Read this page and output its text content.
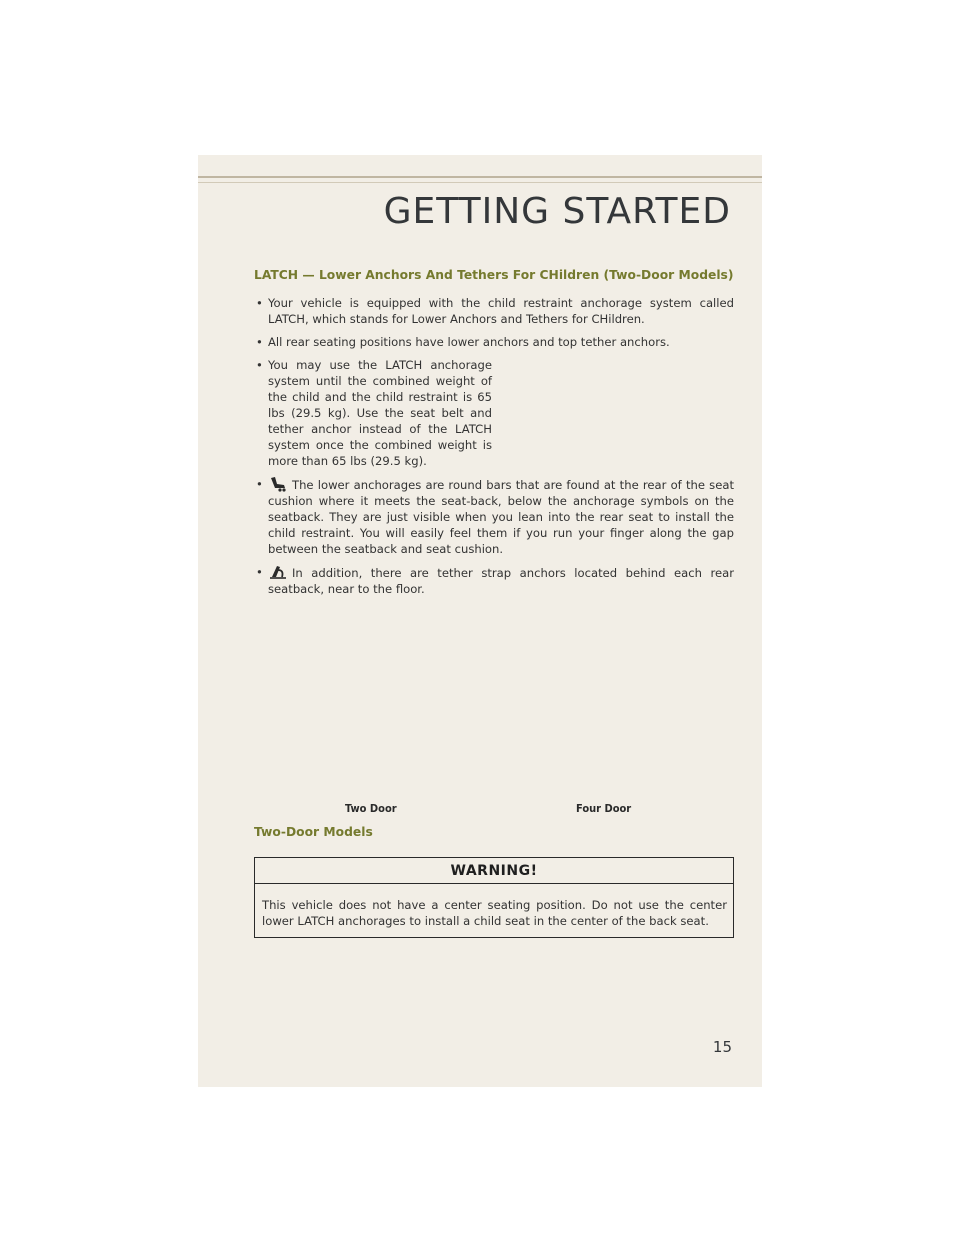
GETTING STARTED
LATCH — Lower Anchors And Tethers For CHildren (Two-Door Models)
• Your vehicle is equipped with the child restraint anchorage system called LATCH, which stands for Lower Anchors and Tethers for CHildren.
• All rear seating positions have lower anchors and top tether anchors.
• You may use the LATCH anchorage system until the combined weight of the child and the child restraint is 65 lbs (29.5 kg). Use the seat belt and tether anchor instead of the LATCH system once the combined weight is more than 65 lbs (29.5 kg).
• The lower anchorages are round bars that are found at the rear of the seat cushion where it meets the seat-back, below the anchorage symbols on the seatback. They are just visible when you lean into the rear seat to install the child restraint. You will easily feel them if you run your finger along the gap between the seatback and seat cushion.
• In addition, there are tether strap anchors located behind each rear seatback, near to the floor.
Two Door	Four Door
Two-Door Models
WARNING!
This vehicle does not have a center seating position. Do not use the center lower LATCH anchorages to install a child seat in the center of the back seat.
15
